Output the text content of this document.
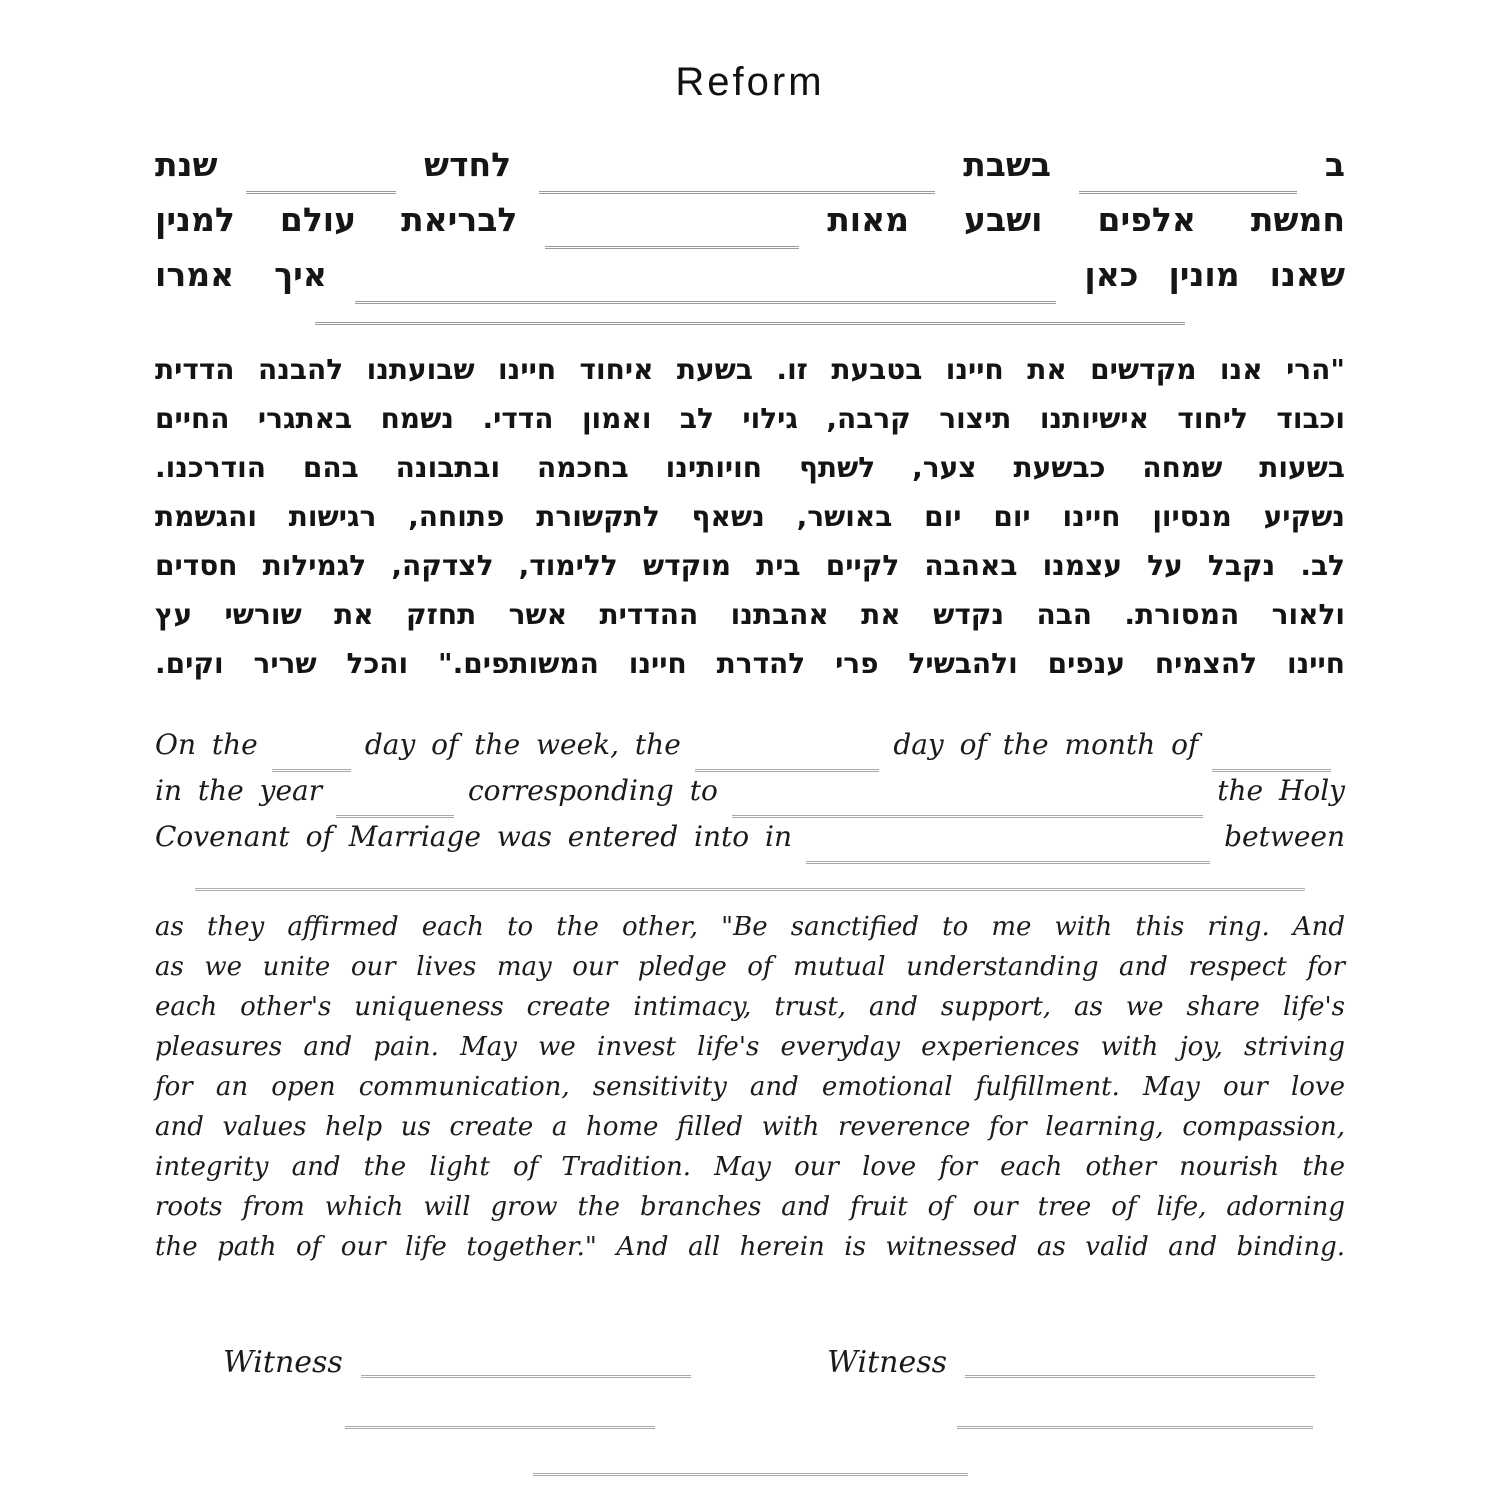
Reform
ב
בשבת
לחדש
שנת
חמשת
אלפים
ושבע
מאות
לבריאת
עולם
למנין
שאנו
מונין
כאן
איך
אמרו
"הרי אנו מקדשים את חיינו בטבעת זו. בשעת איחוד חיינו שבועתנו להבנה הדדית
וכבוד ליחוד אישיותנו תיצור קרבה, גילוי לב ואמון הדדי. נשמח באתגרי החיים
בשעות שמחה כבשעת צער, לשתף חויותינו בחכמה ובתבונה בהם הודרכנו.
נשקיע מנסיון חיינו יום יום באושר, נשאף לתקשורת פתוחה, רגישות והגשמת
לב. נקבל על עצמנו באהבה לקיים בית מוקדש ללימוד, לצדקה, לגמילות חסדים
ולאור המסורת. הבה נקדש את אהבתנו ההדדית אשר תחזק את שורשי עץ
חיינו להצמיח ענפים ולהבשיל פרי להדרת חיינו המשותפים." והכל שריר וקים.
On the	day of the week, the	day of the month of
in the year	corresponding to	the Holy
Covenant of Marriage was entered into in	between
as they affirmed each to the other, "Be sanctified to me with this ring. And
as we unite our lives may our pledge of mutual understanding and respect for
each other's uniqueness create intimacy, trust, and support, as we share life's
pleasures and pain. May we invest life's everyday experiences with joy, striving
for an open communication, sensitivity and emotional fulfillment. May our love
and values help us create a home filled with reverence for learning, compassion,
integrity and the light of Tradition. May our love for each other nourish the
roots from which will grow the branches and fruit of our tree of life, adorning
the path of our life together." And all herein is witnessed as valid and binding.
Witness	Witness
